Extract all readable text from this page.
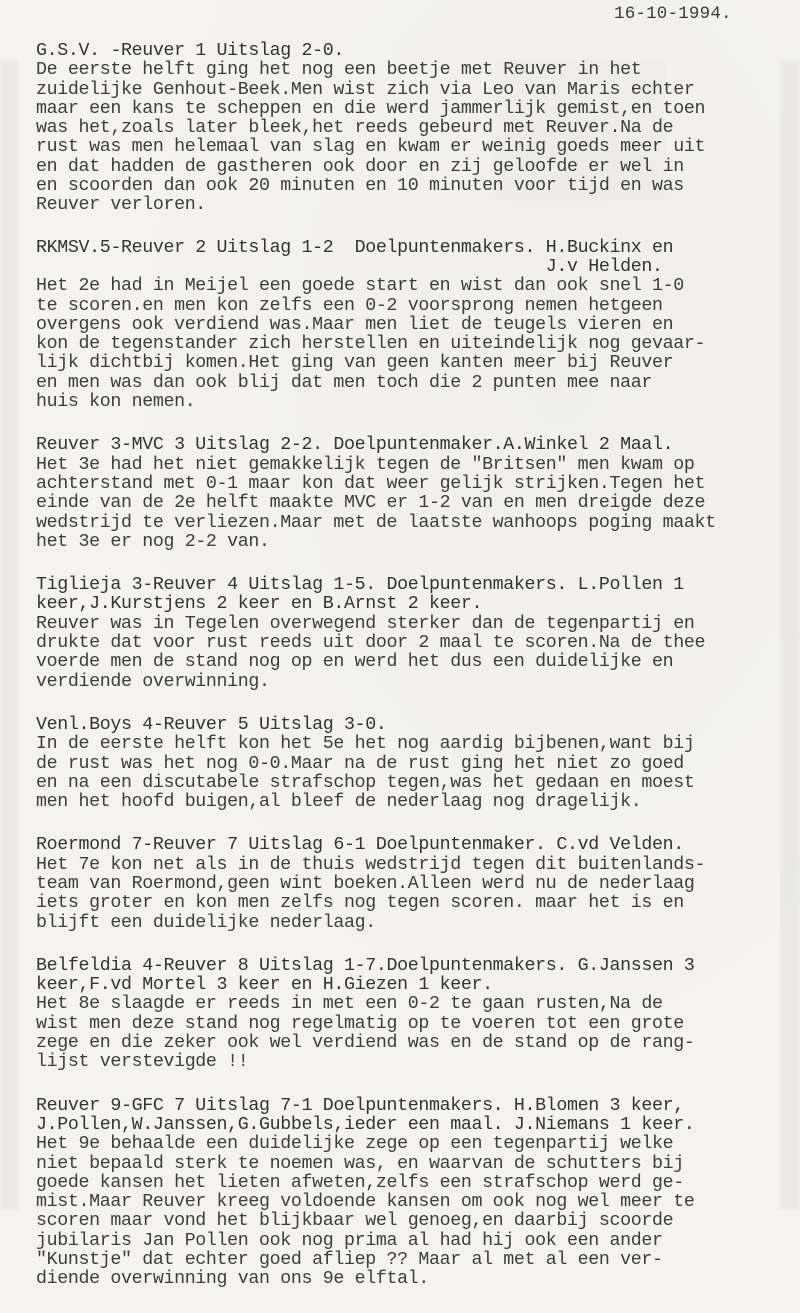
16-10-1994.
G.S.V. -Reuver 1 Uitslag 2-0.
De eerste helft ging het nog een beetje met Reuver in het
zuidelijke Genhout-Beek.Men wist zich via Leo van Maris echter
maar een kans te scheppen en die werd jammerlijk gemist,en toen
was het,zoals later bleek,het reeds gebeurd met Reuver.Na de
rust was men helemaal van slag en kwam er weinig goeds meer uit
en dat hadden de gastheren ook door en zij geloofde er wel in
en scoorden dan ook 20 minuten en 10 minuten voor tijd en was
Reuver verloren.
RKMSV.5-Reuver 2 Uitslag 1-2  Doelpuntenmakers. H.Buckinx en
J.v Helden.
Het 2e had in Meijel een goede start en wist dan ook snel 1-0
te scoren.en men kon zelfs een 0-2 voorsprong nemen hetgeen
overgens ook verdiend was.Maar men liet de teugels vieren en
kon de tegenstander zich herstellen en uiteindelijk nog gevaar-
lijk dichtbij komen.Het ging van geen kanten meer bij Reuver
en men was dan ook blij dat men toch die 2 punten mee naar
huis kon nemen.
Reuver 3-MVC 3 Uitslag 2-2. Doelpuntenmaker.A.Winkel 2 Maal.
Het 3e had het niet gemakkelijk tegen de "Britsen" men kwam op
achterstand met 0-1 maar kon dat weer gelijk strijken.Tegen het
einde van de 2e helft maakte MVC er 1-2 van en men dreigde deze
wedstrijd te verliezen.Maar met de laatste wanhoops poging maakt
het 3e er nog 2-2 van.
Tiglieja 3-Reuver 4 Uitslag 1-5. Doelpuntenmakers. L.Pollen 1
keer,J.Kurstjens 2 keer en B.Arnst 2 keer.
Reuver was in Tegelen overwegend sterker dan de tegenpartij en
drukte dat voor rust reeds uit door 2 maal te scoren.Na de thee
voerde men de stand nog op en werd het dus een duidelijke en
verdiende overwinning.
Venl.Boys 4-Reuver 5 Uitslag 3-0.
In de eerste helft kon het 5e het nog aardig bijbenen,want bij
de rust was het nog 0-0.Maar na de rust ging het niet zo goed
en na een discutabele strafschop tegen,was het gedaan en moest
men het hoofd buigen,al bleef de nederlaag nog dragelijk.
Roermond 7-Reuver 7 Uitslag 6-1 Doelpuntenmaker. C.vd Velden.
Het 7e kon net als in de thuis wedstrijd tegen dit buitenlands-
team van Roermond,geen wint boeken.Alleen werd nu de nederlaag
iets groter en kon men zelfs nog tegen scoren. maar het is en
blijft een duidelijke nederlaag.
Belfeldia 4-Reuver 8 Uitslag 1-7.Doelpuntenmakers. G.Janssen 3
keer,F.vd Mortel 3 keer en H.Giezen 1 keer.
Het 8e slaagde er reeds in met een 0-2 te gaan rusten,Na de
wist men deze stand nog regelmatig op te voeren tot een grote
zege en die zeker ook wel verdiend was en de stand op de rang-
lijst verstevigde !!
Reuver 9-GFC 7 Uitslag 7-1 Doelpuntenmakers. H.Blomen 3 keer,
J.Pollen,W.Janssen,G.Gubbels,ieder een maal. J.Niemans 1 keer.
Het 9e behaalde een duidelijke zege op een tegenpartij welke
niet bepaald sterk te noemen was, en waarvan de schutters bij
goede kansen het lieten afweten,zelfs een strafschop werd ge-
mist.Maar Reuver kreeg voldoende kansen om ook nog wel meer te
scoren maar vond het blijkbaar wel genoeg,en daarbij scoorde
jubilaris Jan Pollen ook nog prima al had hij ook een ander
"Kunstje" dat echter goed afliep ?? Maar al met al een ver-
diende overwinning van ons 9e elftal.
